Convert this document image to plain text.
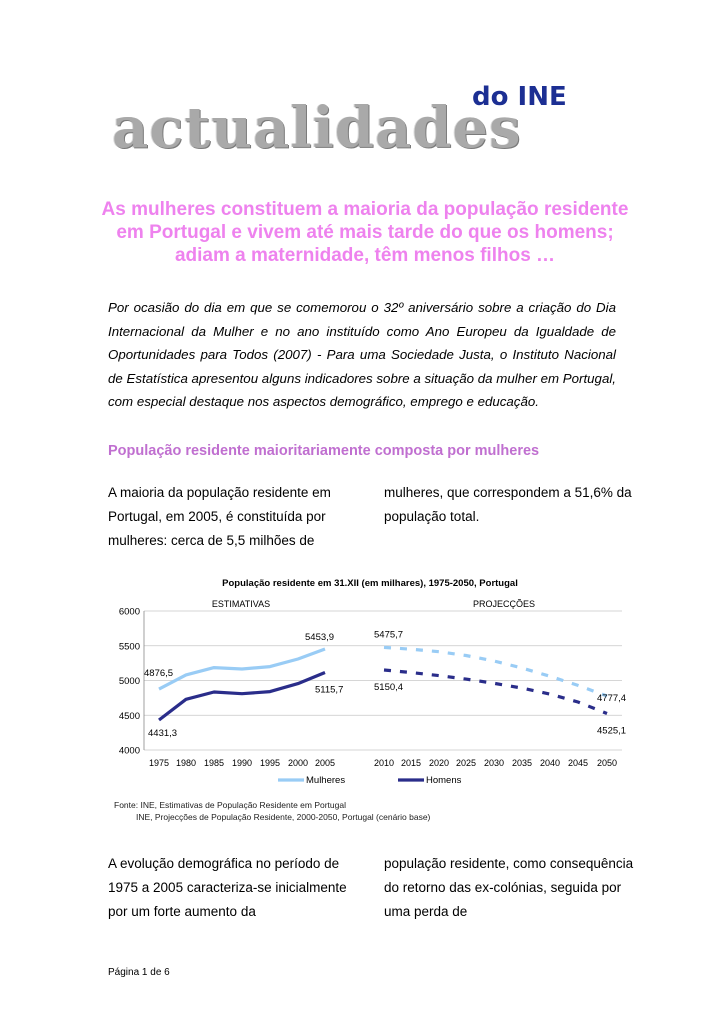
do INE
actualidades
As mulheres constituem a maioria da população residente em Portugal e vivem até mais tarde do que os homens; adiam a maternidade, têm menos filhos …
Por ocasião do dia em que se comemorou o 32º aniversário sobre a criação do Dia Internacional da Mulher e no ano instituído como Ano Europeu da Igualdade de Oportunidades para Todos (2007) - Para uma Sociedade Justa, o Instituto Nacional de Estatística apresentou alguns indicadores sobre a situação da mulher em Portugal, com especial destaque nos aspectos demográfico, emprego e educação.
População residente maioritariamente composta por mulheres
A maioria da população residente em Portugal, em 2005, é constituída por mulheres: cerca de 5,5 milhões de
mulheres, que correspondem a 51,6% da população total.
População residente em 31.XII (em milhares), 1975-2050, Portugal
ESTIMATIVAS	PROJECÇÕES
4000
4500
5000
5500
6000
1975 1980 1985 1990 1995 2000 2005	2010 2015 2020 2025 2030 2035 2040 2045 2050
4876,5
5453,9	5475,7
4777,4
4431,3
5115,7	5150,4
4525,1
Mulheres	Homens
Fonte: INE, Estimativas de População Residente em Portugal
INE, Projecções de População Residente, 2000-2050, Portugal (cenário base)
A evolução demográfica no período de 1975 a 2005 caracteriza-se inicialmente por um forte aumento da
população residente, como consequência do retorno das ex-colónias, seguida por uma perda de
Página 1 de 6
